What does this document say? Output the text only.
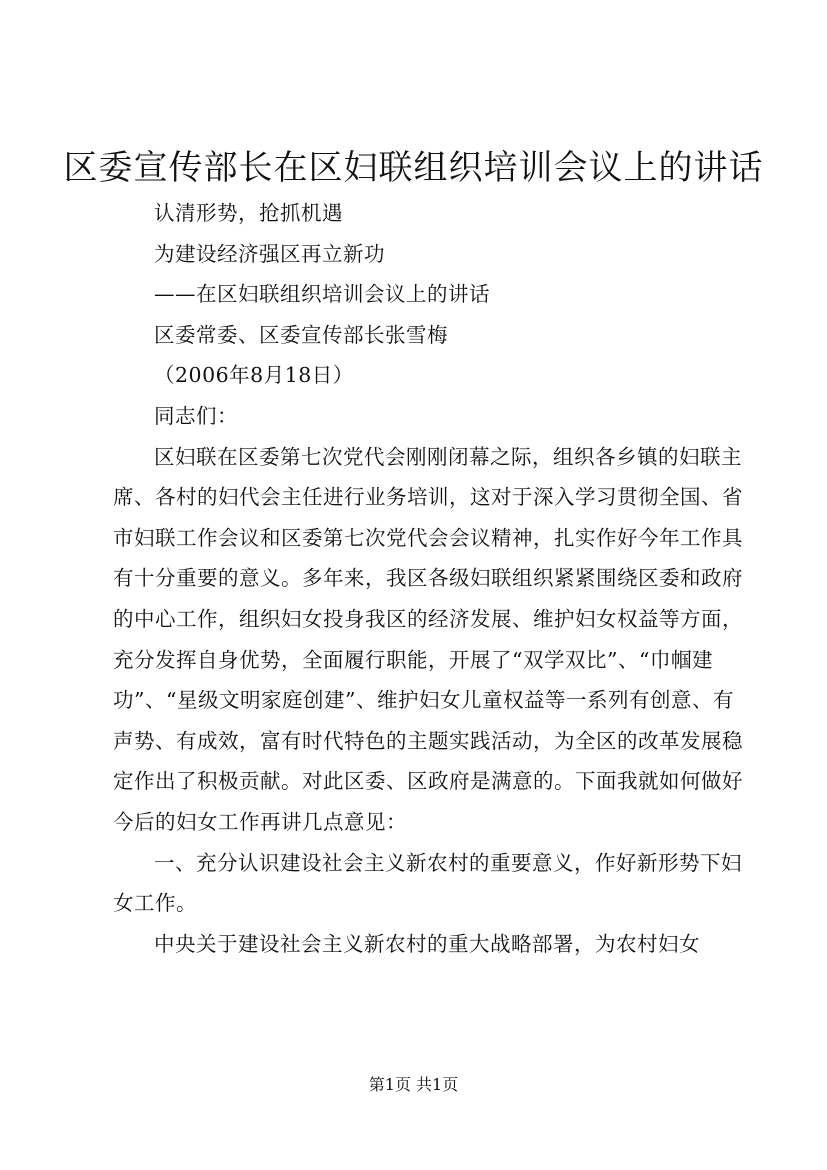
区委宣传部长在区妇联组织培训会议上的讲话

认清形势，抢抓机遇

为建设经济强区再立新功

——在区妇联组织培训会议上的讲话

区委常委、区委宣传部长张雪梅

（2006年8月18日）

同志们：

区妇联在区委第七次党代会刚刚闭幕之际，组织各乡镇的妇联主席、各村的妇代会主任进行业务培训，这对于深入学习贯彻全国、省市妇联工作会议和区委第七次党代会会议精神，扎实作好今年工作具有十分重要的意义。多年来，我区各级妇联组织紧紧围绕区委和政府的中心工作，组织妇女投身我区的经济发展、维护妇女权益等方面，充分发挥自身优势，全面履行职能，开展了“双学双比”、“巾帼建功”、“星级文明家庭创建”、维护妇女儿童权益等一系列有创意、有声势、有成效，富有时代特色的主题实践活动，为全区的改革发展稳定作出了积极贡献。对此区委、区政府是满意的。下面我就如何做好今后的妇女工作再讲几点意见：

一、充分认识建设社会主义新农村的重要意义，作好新形势下妇女工作。

中央关于建设社会主义新农村的重大战略部署，为农村妇女

第1页 共1页
